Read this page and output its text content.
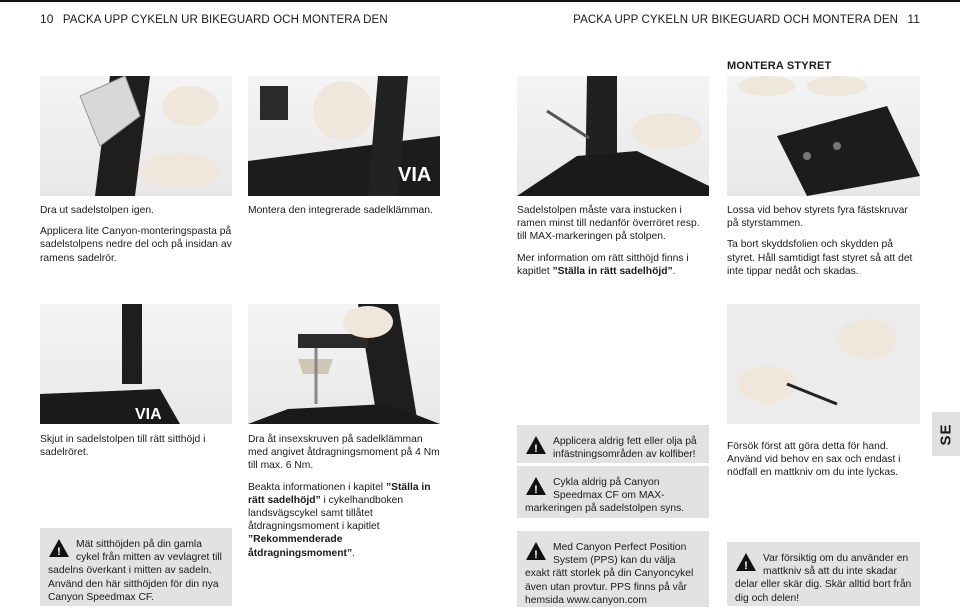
10 PACKA UPP CYKELN UR BIKEGUARD OCH MONTERA DEN	PACKA UPP CYKELN UR BIKEGUARD OCH MONTERA DEN 11
MONTERA STYRET
VIA

Dra ut sadelstolpen igen.

Applicera lite Canyon-monteringspasta på sadelstolpens nedre del och på insidan av ramens sadelrör.

Montera den integrerade sadelklämman.	Sadelstolpen måste vara instucken i ramen minst till nedanför överröret resp. till MAX-markeringen på stolpen.

Mer information om rätt sitthöjd finns i kapitlet ”Ställa in rätt sadelhöjd”.

Lossa vid behov styrets fyra fästskruvar på styrstammen.

Ta bort skyddsfolien och skydden på styret. Håll samtidigt fast styret så att det inte tippar nedåt och skadas.

VIA

Skjut in sadelstolpen till rätt sitthöjd i sadelröret.

Dra åt insexskruven på sadelklämman med angivet åtdragningsmoment på 4 Nm till max. 6 Nm.

Beakta informationen i kapitel ”Ställa in rätt sadelhöjd” i cykelhandboken landsvägscykel samt tillåtet åtdragningsmoment i kapitlet ”Rekommenderade åtdragningsmoment”.

Försök först att göra detta för hand. Använd vid behov en sax och endast i nödfall en mattkniv om du inte lyckas.

!
Mät sitthöjden på din gamla cykel från mitten av vevlagret till sadelns överkant i mitten av sadeln. Använd den här sitthöjden för din nya Canyon Speedmax CF.
!
Applicera aldrig fett eller olja på infästningsområden av kolfiber!
!
Cykla aldrig på Canyon Speedmax CF om MAX-markeringen på sadelstolpen syns.
!
Med Canyon Perfect Position System (PPS) kan du välja exakt rätt storlek på din Canyoncykel även utan provtur. PPS finns på vår hemsida www.canyon.com
!
Var försiktig om du använder en mattkniv så att du inte skadar delar eller skär dig. Skär alltid bort från dig och delen!
SE
